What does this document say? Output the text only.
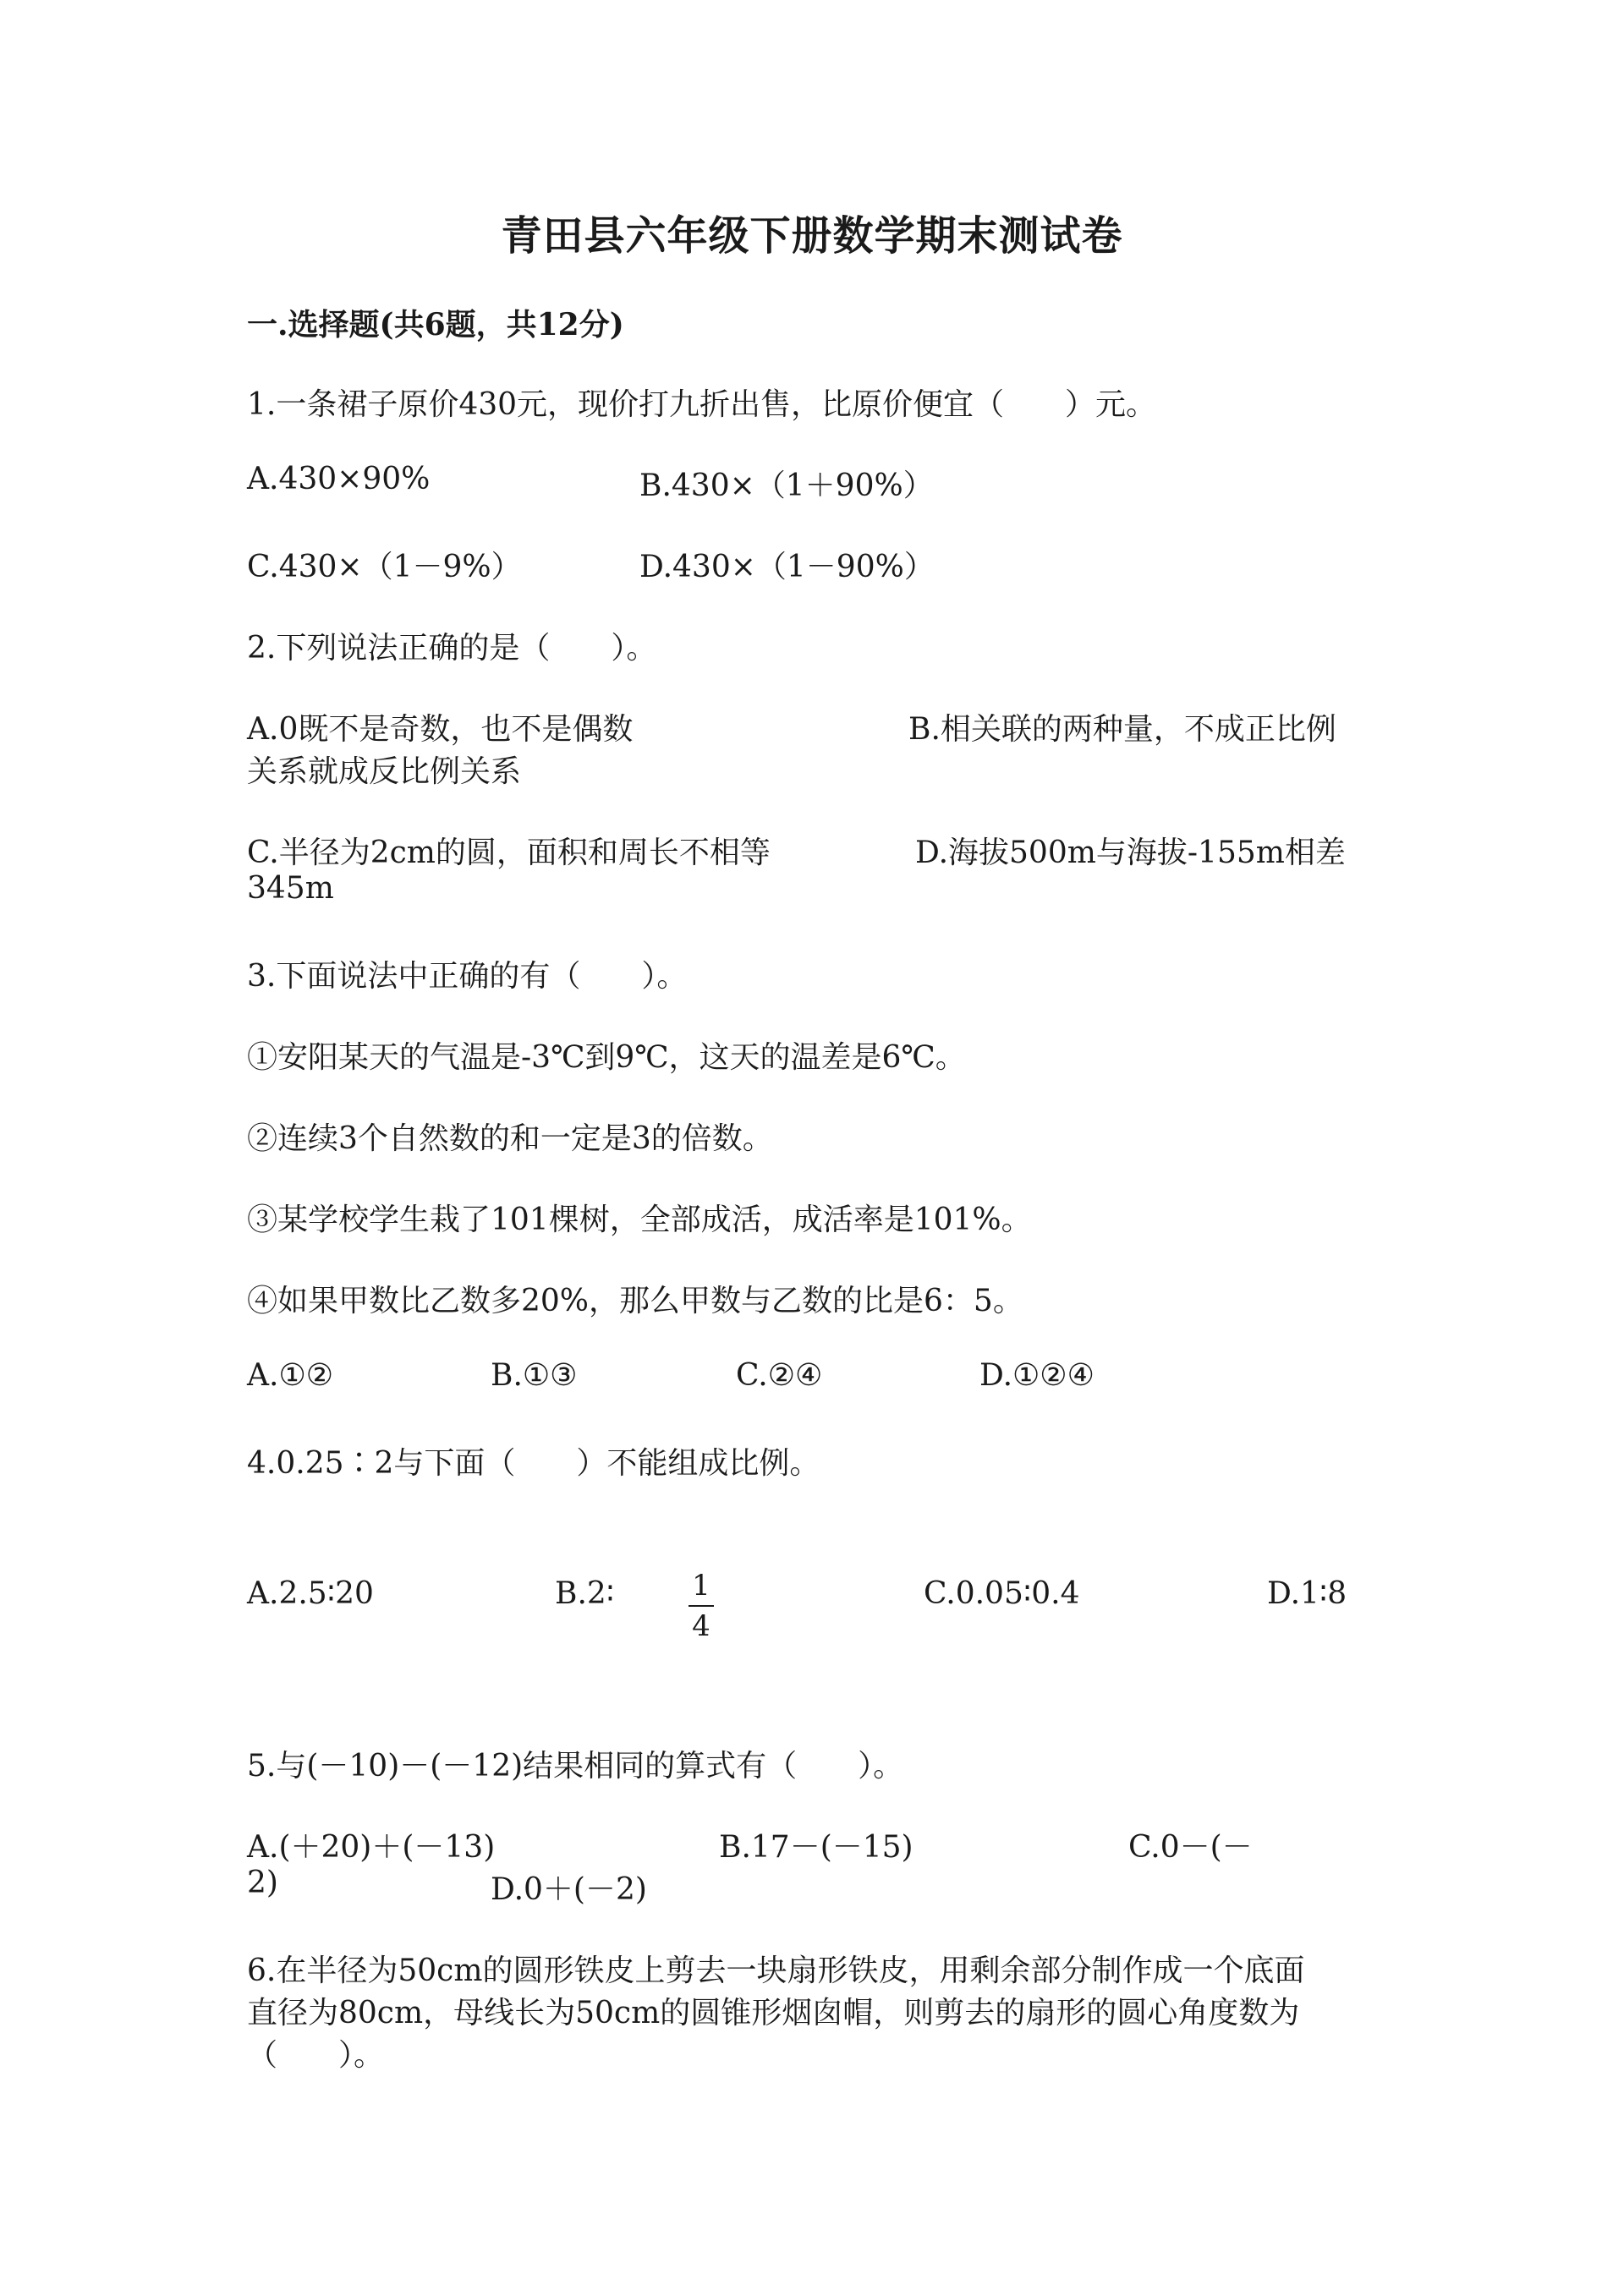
青田县六年级下册数学期末测试卷
一.选择题(共6题，共12分)
1.一条裙子原价430元，现价打九折出售，比原价便宜（　　）元。
A.430×90%	B.430×（1＋90%）
C.430×（1－9%）	D.430×（1－90%）
2.下列说法正确的是（　　）。
A.0既不是奇数，也不是偶数	B.相关联的两种量，不成正比例
关系就成反比例关系
C.半径为2cm的圆，面积和周长不相等	D.海拔500m与海拔-155m相差
345m
3.下面说法中正确的有（　　）。
①安阳某天的气温是-3℃到9℃，这天的温差是6℃。
②连续3个自然数的和一定是3的倍数。
③某学校学生栽了101棵树，全部成活，成活率是101%。
④如果甲数比乙数多20%，那么甲数与乙数的比是6：5。
A.①②	B.①③	C.②④	D.①②④
4.0.25∶2与下面（　　）不能组成比例。
A.2.5∶20	B.2∶	1
4
C.0.05∶0.4	D.1∶8
5.与(－10)－(－12)结果相同的算式有（　　）。
A.(＋20)＋(－13)	B.17－(－15)	C.0－(－
2)	D.0＋(－2)
6.在半径为50cm的圆形铁皮上剪去一块扇形铁皮，用剩余部分制作成一个底面
直径为80cm，母线长为50cm的圆锥形烟囱帽，则剪去的扇形的圆心角度数为
（　　）。
